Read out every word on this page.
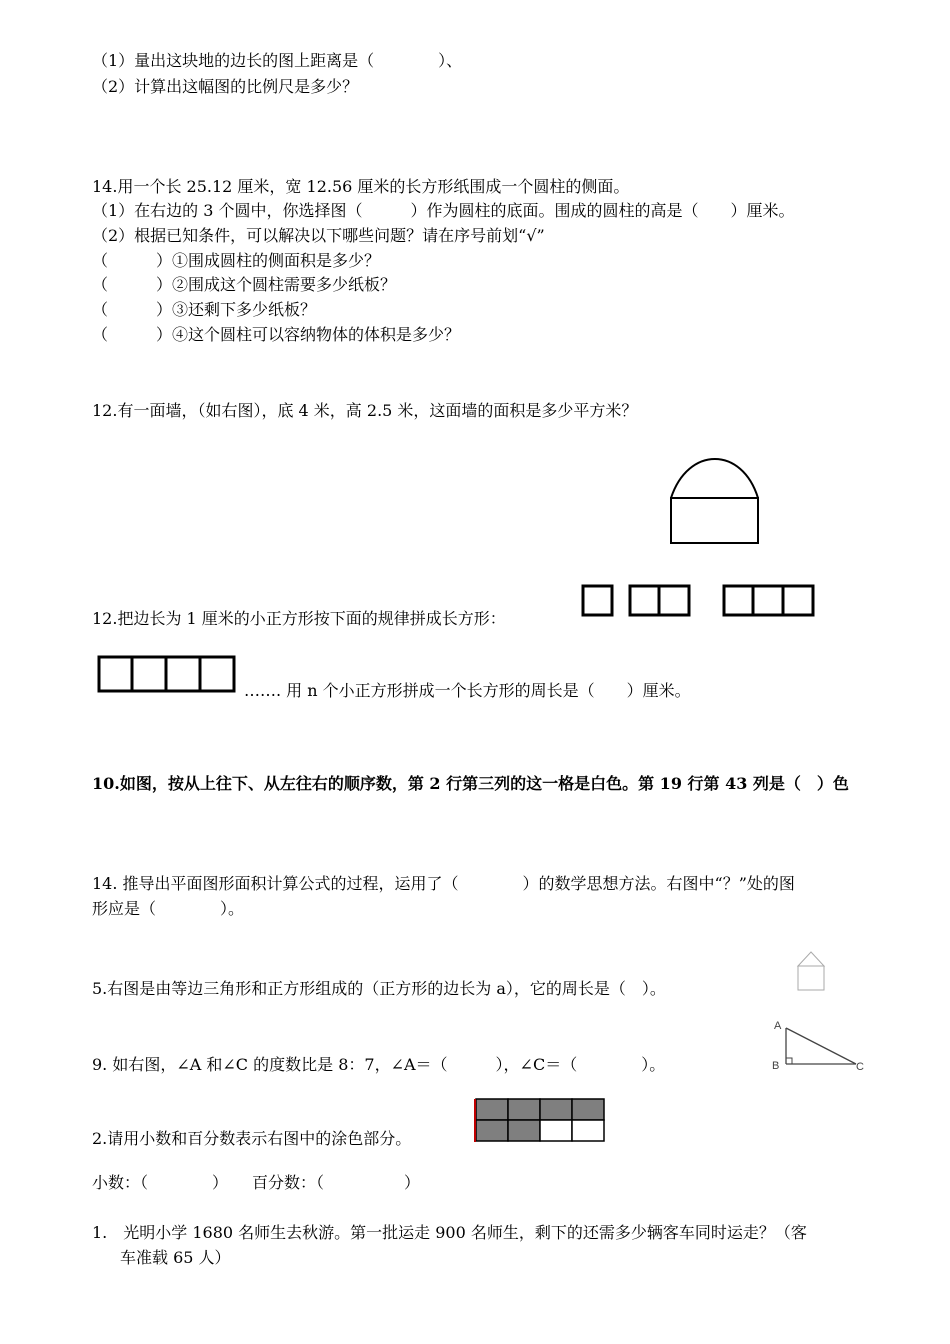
（1）量出这块地的边长的图上距离是（　　　　）、
（2）计算出这幅图的比例尺是多少？
14.用一个长 25.12 厘米，宽 12.56 厘米的长方形纸围成一个圆柱的侧面。
（1）在右边的 3 个圆中，你选择图（　　　）作为圆柱的底面。围成的圆柱的高是（　　）厘米。
（2）根据已知条件，可以解决以下哪些问题？请在序号前划“√”
（　　　）①围成圆柱的侧面积是多少？
（　　　）②围成这个圆柱需要多少纸板？
（　　　）③还剩下多少纸板？
（　　　）④这个圆柱可以容纳物体的体积是多少？
12.有一面墙，（如右图），底 4 米，高 2.5 米，这面墙的面积是多少平方米？
12.把边长为 1 厘米的小正方形按下面的规律拼成长方形：
……. 用 n 个小正方形拼成一个长方形的周长是（　　）厘米。
10.如图，按从上往下、从左往右的顺序数，第 2 行第三列的这一格是白色。第 19 行第 43 列是（　）色
14. 推导出平面图形面积计算公式的过程，运用了（　　　　）的数学思想方法。右图中“？”处的图
形应是（　　　　）。
5.右图是由等边三角形和正方形组成的（正方形的边长为 a），它的周长是（　）。
9. 如右图，∠A 和∠C 的度数比是 8：7，∠A＝（　　　），∠C＝（　　　　）。
A
B	C
2.请用小数和百分数表示右图中的涂色部分。
小数：（　　　　）　　百分数：（　　　　　）
1.　光明小学 1680 名师生去秋游。第一批运走 900 名师生，剩下的还需多少辆客车同时运走？（客
车准载 65 人）
